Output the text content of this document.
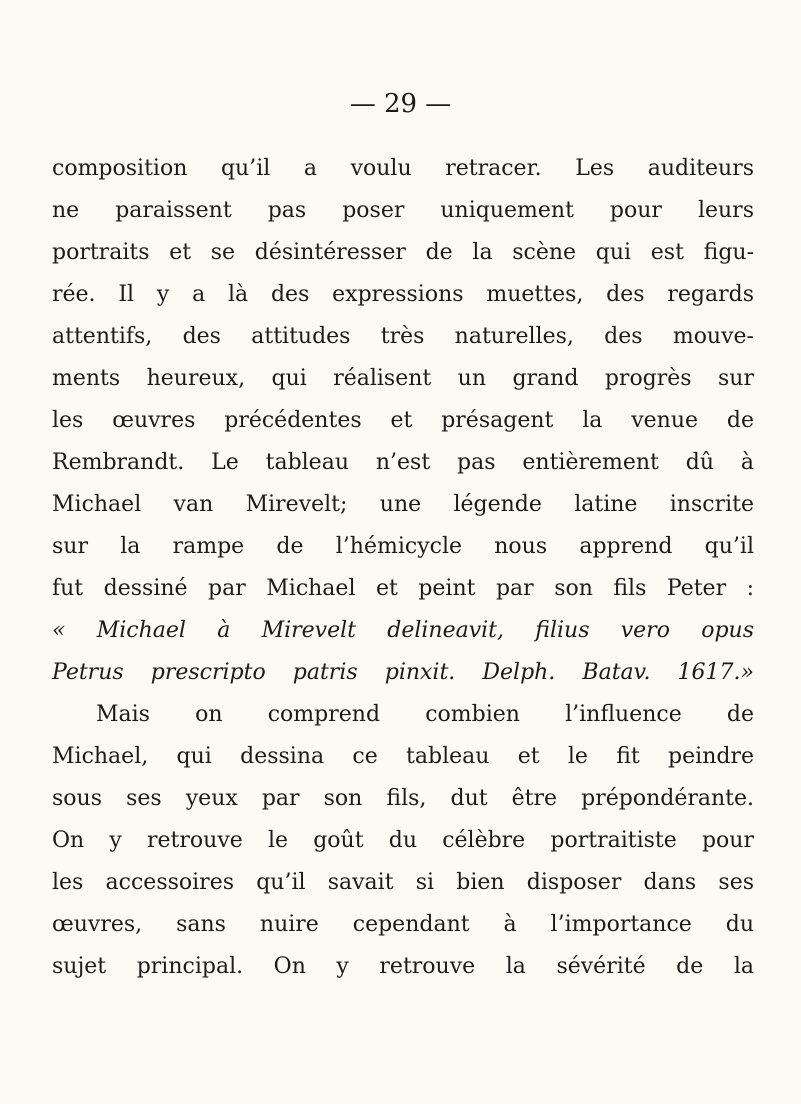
— 29 —
composition qu’il a voulu retracer. Les auditeurs
ne paraissent pas poser uniquement pour leurs
portraits et se désintéresser de la scène qui est figu-
rée. Il y a là des expressions muettes, des regards
attentifs, des attitudes très naturelles, des mouve-
ments heureux, qui réalisent un grand progrès sur
les œuvres précédentes et présagent la venue de
Rembrandt. Le tableau n’est pas entièrement dû à
Michael van Mirevelt; une légende latine inscrite
sur la rampe de l’hémicycle nous apprend qu’il
fut dessiné par Michael et peint par son fils Peter :
« Michael à Mirevelt delineavit, filius vero opus
Petrus prescripto patris pinxit. Delph. Batav. 1617.»
Mais on comprend combien l’influence de
Michael, qui dessina ce tableau et le fit peindre
sous ses yeux par son fils, dut être prépondérante.
On y retrouve le goût du célèbre portraitiste pour
les accessoires qu’il savait si bien disposer dans ses
œuvres, sans nuire cependant à l’importance du
sujet principal. On y retrouve la sévérité de la
